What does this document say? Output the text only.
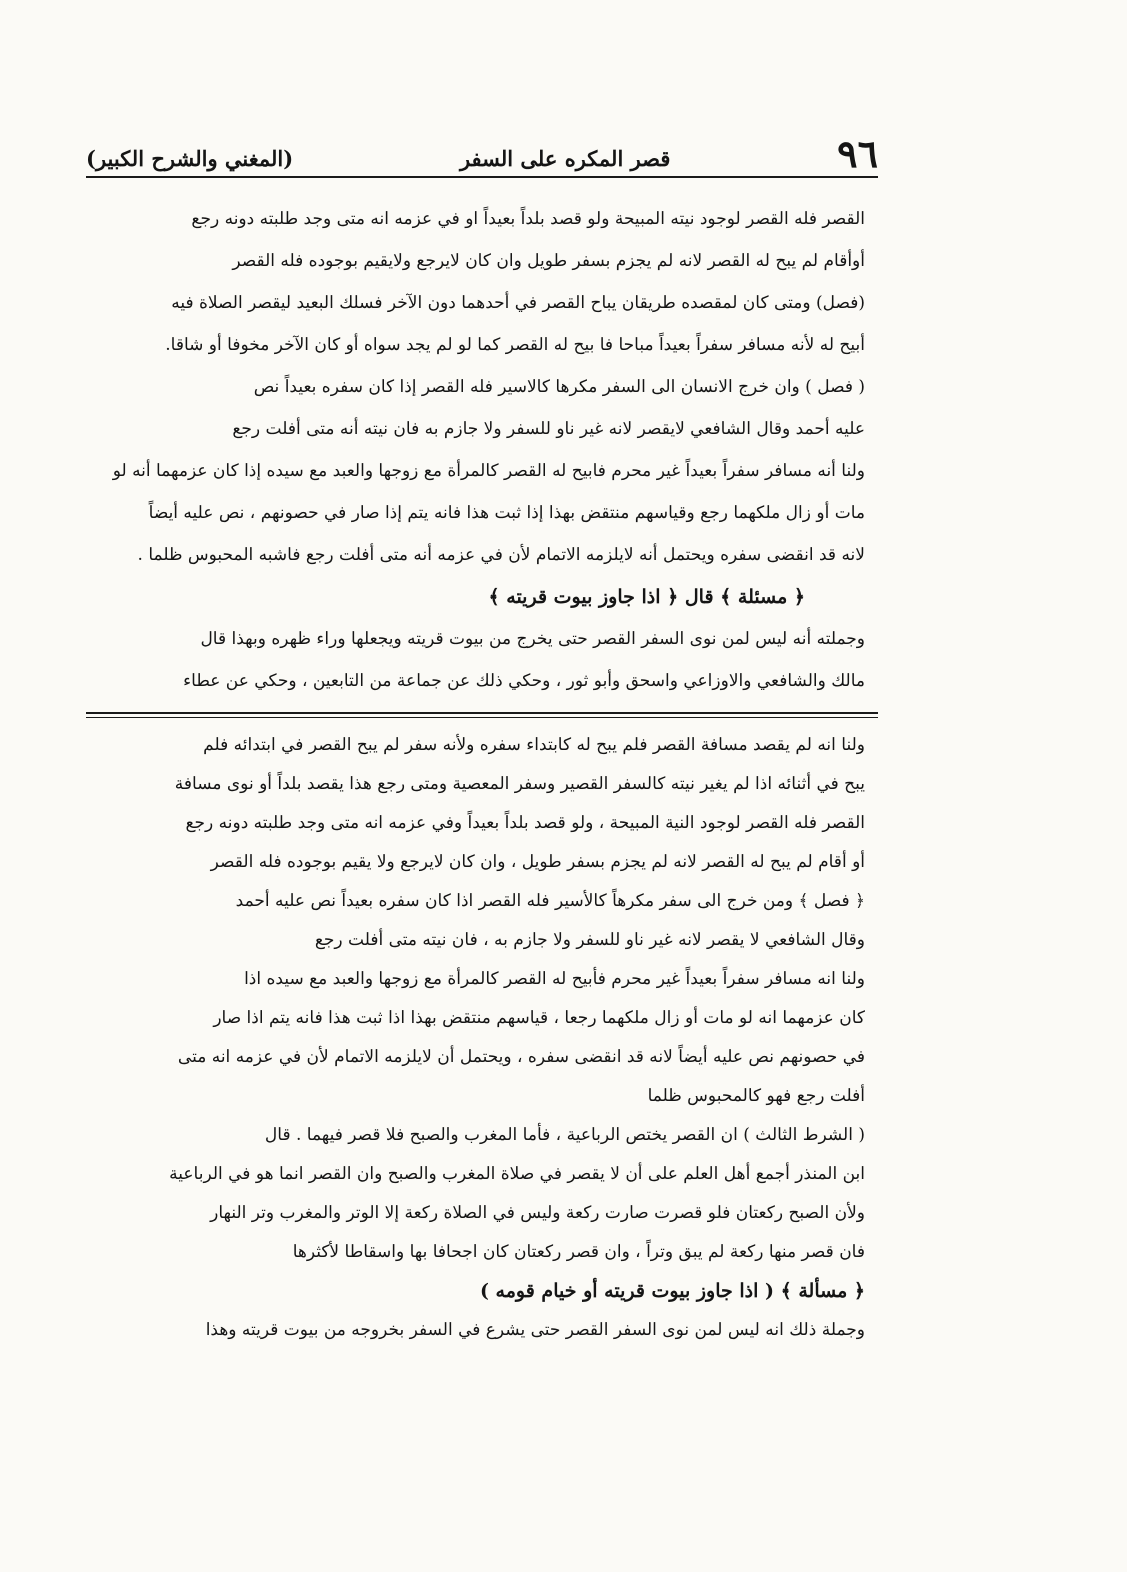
٩٦
قصر المكره على السفر
(المغني والشرح الكبير)
القصر فله القصر لوجود نيته المبيحة ولو قصد بلداً بعيداً او في عزمه انه متى وجد طلبته دونه رجع
أوأقام لم يبح له القصر لانه لم يجزم بسفر طويل وان كان لايرجع ولايقيم بوجوده فله القصر
(فصل) ومتى كان لمقصده طريقان يباح القصر في أحدهما دون الآخر فسلك البعيد ليقصر الصلاة فيه
أبيح له لأنه مسافر سفراً بعيداً مباحا فا بيح له القصر كما لو لم يجد سواه أو كان الآخر مخوفا أو شاقا.
( فصل ) وان خرج الانسان الى السفر مكرها كالاسير فله القصر إذا كان سفره بعيداً نص
عليه أحمد وقال الشافعي لايقصر لانه غير ناو للسفر ولا جازم به فان نيته أنه متى أفلت رجع
ولنا أنه مسافر سفراً بعيداً غير محرم فابيح له القصر كالمرأة مع زوجها والعبد مع سيده إذا كان عزمهما أنه لو
مات أو زال ملكهما رجع وقياسهم منتقض بهذا إذا ثبت هذا فانه يتم إذا صار في حصونهم ، نص عليه أيضاً
لانه قد انقضى سفره ويحتمل أنه لايلزمه الاتمام لأن في عزمه أنه متى أفلت رجع فاشبه المحبوس ظلما .
﴿ مسئلة ﴾ قال ﴿ اذا جاوز بيوت قريته ﴾
وجملته أنه ليس لمن نوى السفر القصر حتى يخرج من بيوت قريته ويجعلها وراء ظهره وبهذا قال
مالك والشافعي والاوزاعي واسحق وأبو ثور ، وحكي ذلك عن جماعة من التابعين ، وحكي عن عطاء
ولنا انه لم يقصد مسافة القصر فلم يبح له كابتداء سفره ولأنه سفر لم يبح القصر في ابتدائه فلم
يبح في أثنائه اذا لم يغير نيته كالسفر القصير وسفر المعصية ومتى رجع هذا يقصد بلداً أو نوى مسافة
القصر فله القصر لوجود النية المبيحة ، ولو قصد بلداً بعيداً وفي عزمه انه متى وجد طلبته دونه رجع
أو أقام لم يبح له القصر لانه لم يجزم بسفر طويل ، وان كان لايرجع ولا يقيم بوجوده فله القصر
﴿ فصل ﴾ ومن خرج الى سفر مكرهاً كالأسير فله القصر اذا كان سفره بعيداً نص عليه أحمد
وقال الشافعي لا يقصر لانه غير ناو للسفر ولا جازم به ، فان نيته متى أفلت رجع
ولنا انه مسافر سفراً بعيداً غير محرم فأبيح له القصر كالمرأة مع زوجها والعبد مع سيده اذا
كان عزمهما انه لو مات أو زال ملكهما رجعا ، قياسهم منتقض بهذا اذا ثبت هذا فانه يتم اذا صار
في حصونهم نص عليه أيضاً لانه قد انقضى سفره ، ويحتمل أن لايلزمه الاتمام لأن في عزمه انه متى
أفلت رجع فهو كالمحبوس ظلما
( الشرط الثالث ) ان القصر يختص الرباعية ، فأما المغرب والصبح فلا قصر فيهما . قال
ابن المنذر أجمع أهل العلم على أن لا يقصر في صلاة المغرب والصبح وان القصر انما هو في الرباعية
ولأن الصبح ركعتان فلو قصرت صارت ركعة وليس في الصلاة ركعة إلا الوتر والمغرب وتر النهار
فان قصر منها ركعة لم يبق وتراً ، وان قصر ركعتان كان اجحافا بها واسقاطا لأكثرها
﴿ مسألة ﴾ ( اذا جاوز بيوت قريته أو خيام قومه )
وجملة ذلك انه ليس لمن نوى السفر القصر حتى يشرع في السفر بخروجه من بيوت قريته وهذا
